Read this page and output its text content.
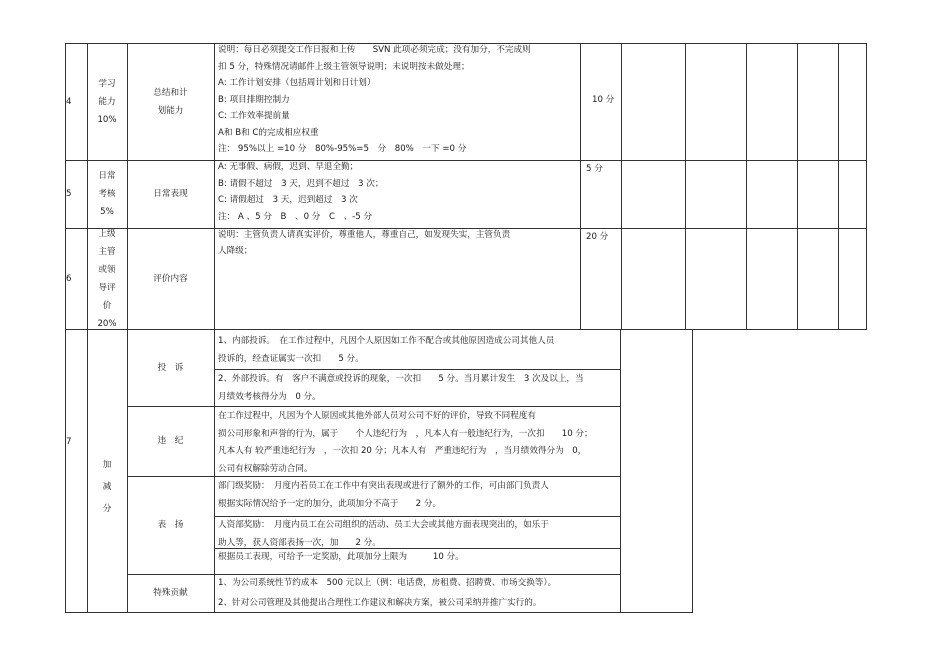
4
学习
能力
10%
总结和计
划能力
说明：每日必须提交工作日报和上传　　SVN 此项必须完成；没有加分，不完成则
扣 5 分，特殊情况请邮件上级主管领导说明；未说明按未做处理；
A: 工作计划安排（包括周计划和日计划）
B: 项目排期控制力
C: 工作效率提前量
A和 B和 C的完成相应权重
注： 95%以上 =10 分　80%-95%=5　分　80%　一下 =0 分
10 分
5
日常
考核
5%
日常表现
A: 无事假、病假，迟到、早退全勤；
B: 请假不超过　3 天，迟到不超过　3 次；
C: 请假超过　3 天，迟到超过　3 次
注： A 、5 分　B　、0 分　C　、-5 分
5 分
6
上级
主管
或领
导评
价
20%
评价内容
说明：主管负责人请真实评价，尊重他人，尊重自己，如发现失实，主管负责
人降级；
20 分
7
加
减
分
投　诉
1、内部投诉。　在工作过程中，凡因个人原因如工作不配合或其他原因造成公司其他人员
投诉的，经查证属实一次扣　　5 分。
2、外部投诉。有　客户不满意或投诉的现象，一次扣　　5 分。当月累计发生　3 次及以上，当
月绩效考核得分为　0 分。
违　纪
在工作过程中，凡因为个人原因或其他外部人员对公司不好的评价，导致不同程度有
损公司形象和声誉的行为，属于　　个人违纪行为　，凡本人有一般违纪行为，一次扣　　10 分；
凡本人有 较严重违纪行为　，一次扣 20 分；凡本人有　严重违纪行为　，当月绩效得分为　0，
公司有权解除劳动合同。
表　扬
部门级奖励：　月度内若员工在工作中有突出表现或进行了额外的工作，可由部门负责人
根据实际情况给予一定的加分，此项加分不高于　　2 分。
人资部奖励：　月度内员工在公司组织的活动、员工大会或其他方面表现突出的，如乐于
助人等，获人资部表扬一次，加　　2 分。
根据员工表现，可给予一定奖励，此项加分上限为　　　10 分。
特殊贡献
1、为公司系统性节约成本　500 元以上（例：电话费，房租费、招聘费、市场交换等）。
2、针对公司管理及其他提出合理性工作建议和解决方案，被公司采纳并推广实行的。
